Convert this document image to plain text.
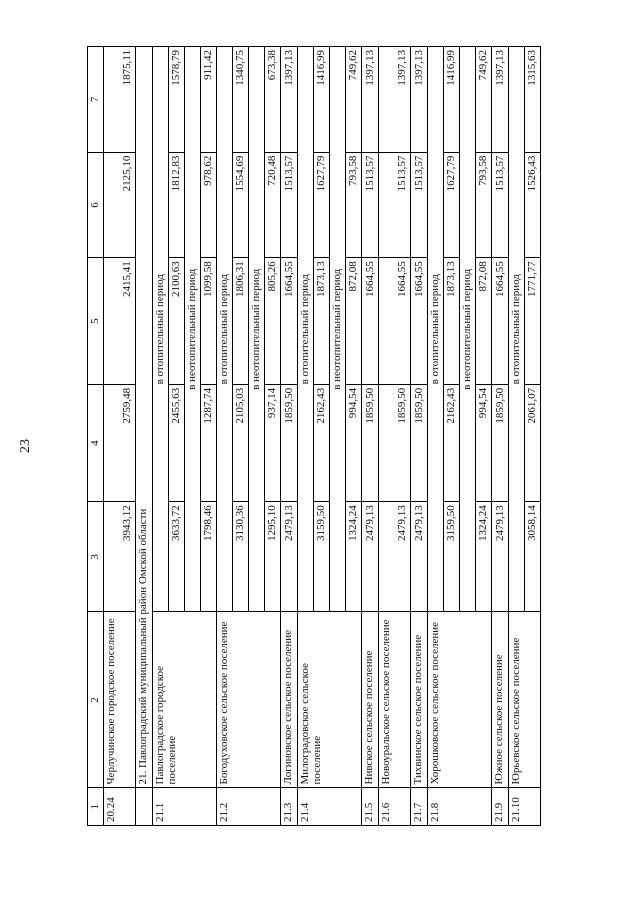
23
1	2	3	4	5	6	7
20.24	Черлучинское городское поселение	3943,12	2759,48	2415,41	2125,10	1875,11
	21. Павлоградский муниципальный район Омской области					
21.1	Павлоградское городское поселение	в отопительный период				
		3633,72	2455,63	2100,63	1812,83	1578,79
		в неотопительный период				
		1798,46	1287,74	1099,58	978,62	911,42
21.2	Богодуховское сельское поселение	в отопительный период				
		3130,36	2105,03	1806,31	1554,69	1340,75
		в неотопительный период				
		1295,10	937,14	805,26	720,48	673,38
21.3	Логиновское сельское поселение	2479,13	1859,50	1664,55	1513,57	1397,13
21.4	Милоградовское сельское поселение	в отопительный период				
		3159,50	2162,43	1873,13	1627,79	1416,99
		в неотопительный период				
		1324,24	994,54	872,08	793,58	749,62
21.5	Нивское сельское поселение	2479,13	1859,50	1664,55	1513,57	1397,13
21.6	Новоуральское сельское поселение	2479,13	1859,50	1664,55	1513,57	1397,13
21.7	Тихвинское сельское поселение	2479,13	1859,50	1664,55	1513,57	1397,13
21.8	Хорошковское сельское поселение	в отопительный период				
		3159,50	2162,43	1873,13	1627,79	1416,99
		в неотопительный период				
		1324,24	994,54	872,08	793,58	749,62
21.9	Южное сельское поселение	2479,13	1859,50	1664,55	1513,57	1397,13
21.10	Юрьевское сельское поселение	в отопительный период				
		3058,14	2061,07	1771,77	1526,43	1315,63
